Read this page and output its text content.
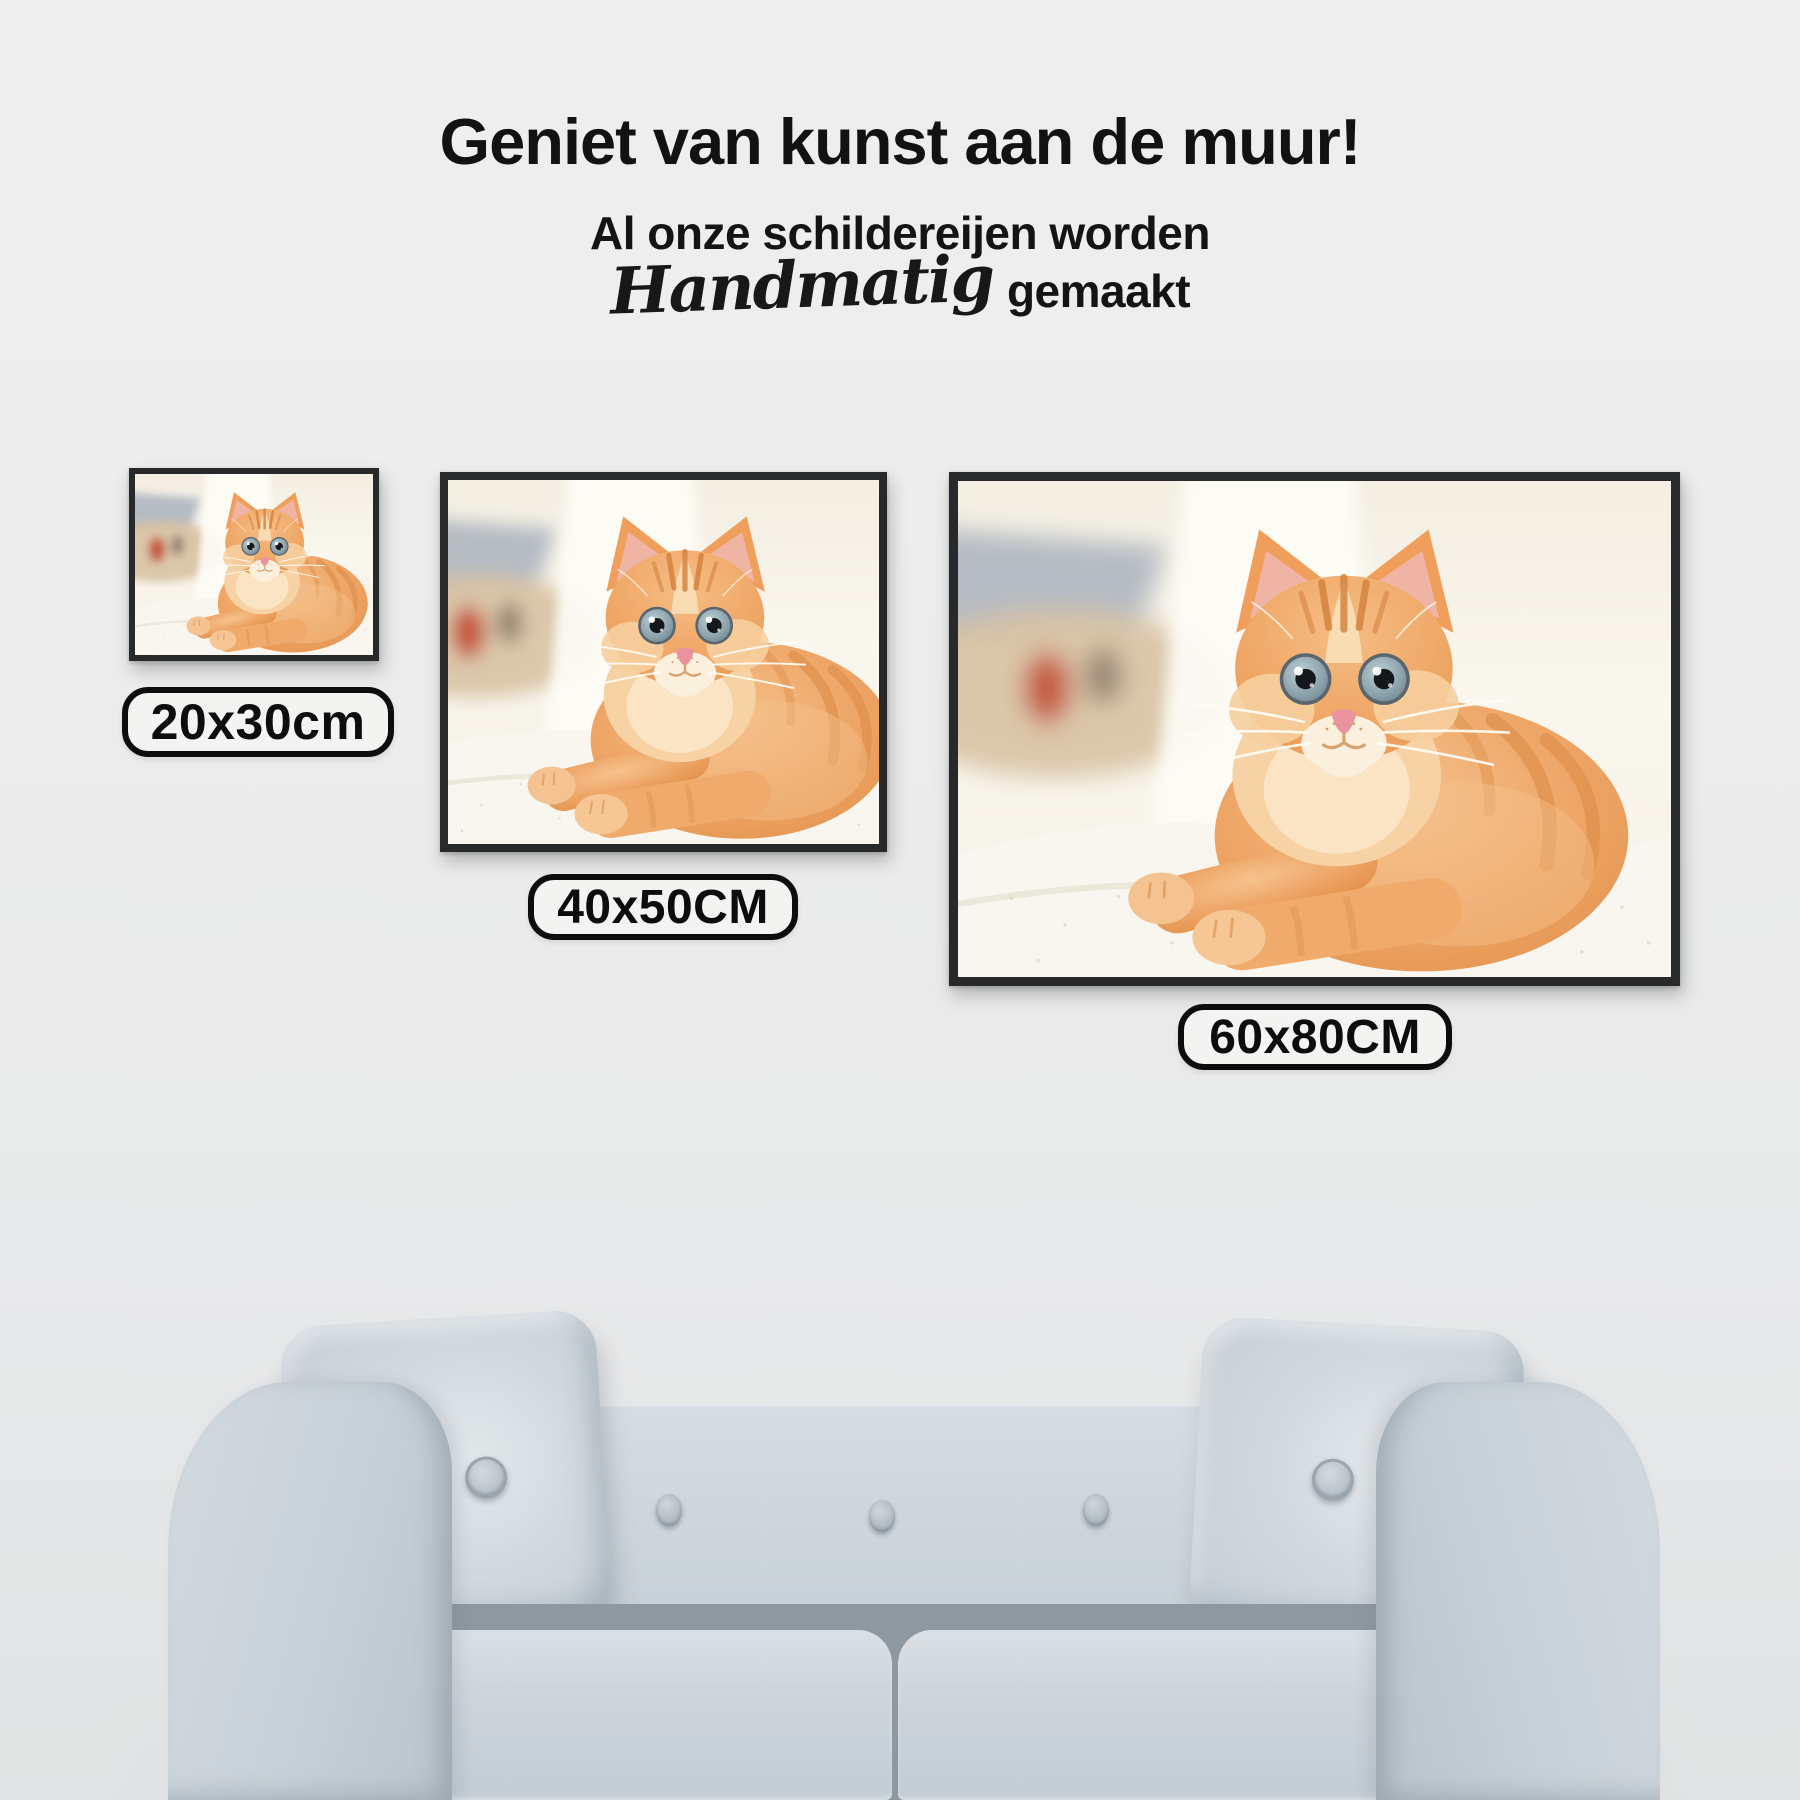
Geniet van kunst aan de muur!
Al onze schildereijen worden
Handmatig gemaakt
20x30cm
40x50CM
60x80CM
